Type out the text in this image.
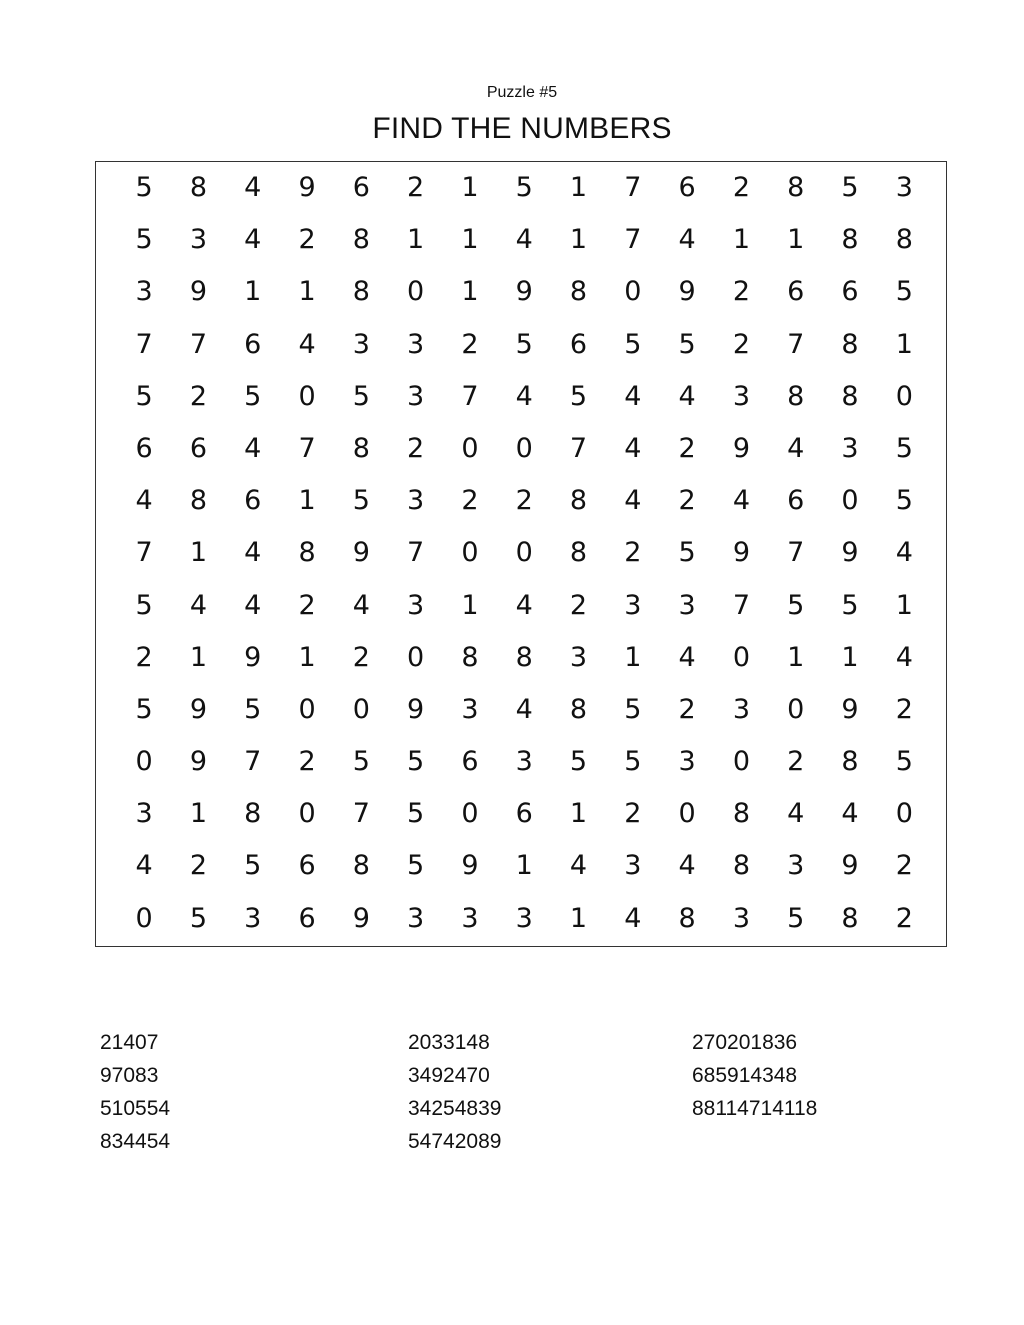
Puzzle #5
FIND THE NUMBERS
5	8	4	9	6	2	1	5	1	7	6	2	8	5	3
5	3	4	2	8	1	1	4	1	7	4	1	1	8	8
3	9	1	1	8	0	1	9	8	0	9	2	6	6	5
7	7	6	4	3	3	2	5	6	5	5	2	7	8	1
5	2	5	0	5	3	7	4	5	4	4	3	8	8	0
6	6	4	7	8	2	0	0	7	4	2	9	4	3	5
4	8	6	1	5	3	2	2	8	4	2	4	6	0	5
7	1	4	8	9	7	0	0	8	2	5	9	7	9	4
5	4	4	2	4	3	1	4	2	3	3	7	5	5	1
2	1	9	1	2	0	8	8	3	1	4	0	1	1	4
5	9	5	0	0	9	3	4	8	5	2	3	0	9	2
0	9	7	2	5	5	6	3	5	5	3	0	2	8	5
3	1	8	0	7	5	0	6	1	2	0	8	4	4	0
4	2	5	6	8	5	9	1	4	3	4	8	3	9	2
0	5	3	6	9	3	3	3	1	4	8	3	5	8	2
21407
97083
510554
834454
2033148
3492470
34254839
54742089
270201836
685914348
88114714118
